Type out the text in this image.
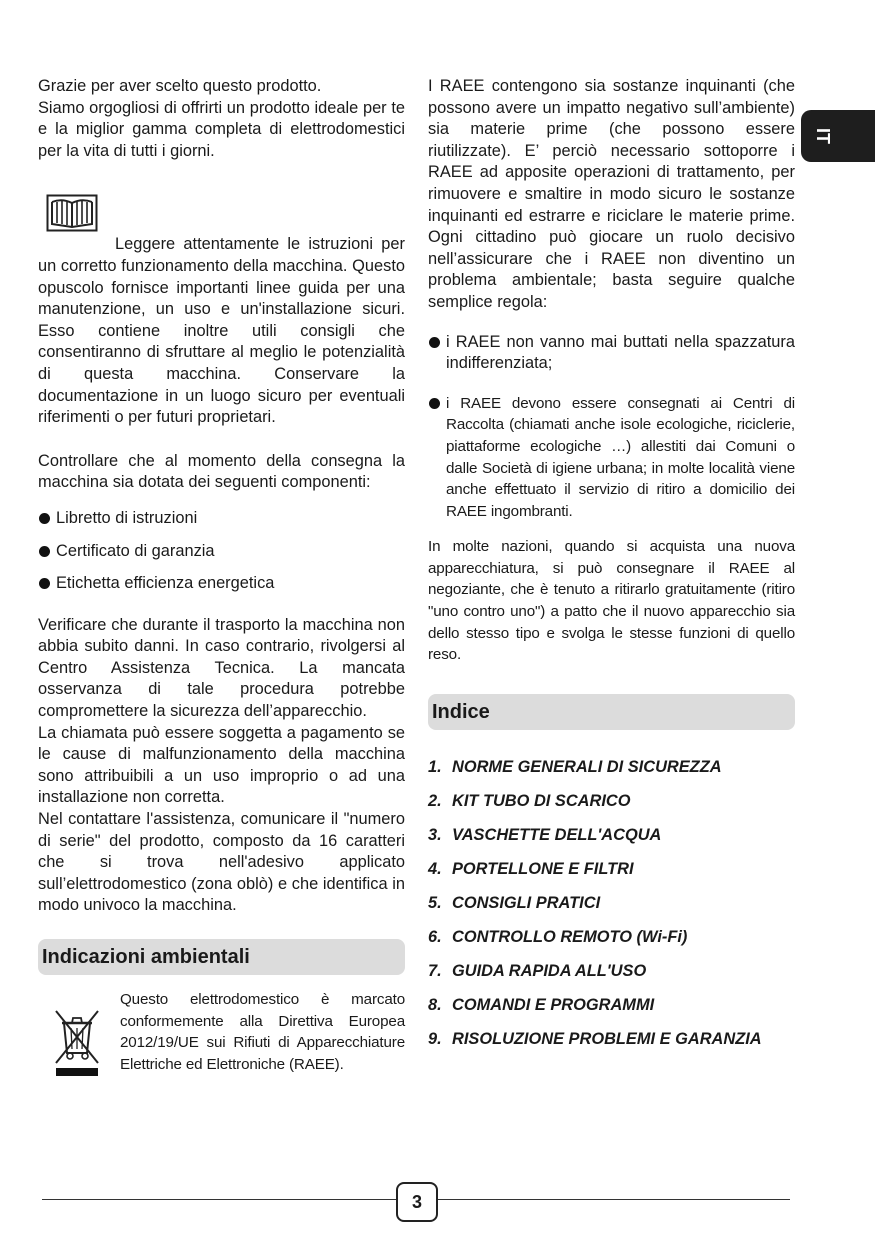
IT

Grazie per aver scelto questo prodotto.
Siamo orgogliosi di offrirti un prodotto ideale per te e la miglior gamma completa di elettrodomestici per la vita di tutti i giorni.

Leggere attentamente le istruzioni per un corretto funzionamento della macchina. Questo opuscolo fornisce importanti linee guida per una manutenzione, un uso e un'installazione sicuri. Esso contiene inoltre utili consigli che consentiranno di sfruttare al meglio le potenzialità di questa macchina. Conservare la documentazione in un luogo sicuro per eventuali riferimenti o per futuri proprietari.

Controllare che al momento della consegna la macchina sia dotata dei seguenti componenti:

Libretto di istruzioni

Certificato di garanzia

Etichetta efficienza energetica

Verificare che durante il trasporto la macchina non abbia subito danni. In caso contrario, rivolgersi al Centro Assistenza Tecnica. La mancata osservanza di tale procedura potrebbe compromettere la sicurezza dell’apparecchio.

La chiamata può essere soggetta a pagamento se le cause di malfunzionamento della macchina sono attribuibili a un uso improprio o ad una installazione non corretta.

Nel contattare l'assistenza, comunicare il "numero di serie" del prodotto, composto da 16 caratteri che si trova nell'adesivo applicato sull’elettrodomestico (zona oblò) e che identifica in modo univoco la macchina.

Indicazioni ambientali

Questo elettrodomestico è marcato conformemente alla Direttiva Europea 2012/19/UE sui Rifiuti di Apparecchiature Elettriche ed Elettroniche (RAEE).

I RAEE contengono sia sostanze inquinanti (che possono avere un impatto negativo sull’ambiente) sia materie prime (che possono essere riutilizzate). E’ perciò necessario sottoporre i RAEE ad apposite operazioni di trattamento, per rimuovere e smaltire in modo sicuro le sostanze inquinanti ed estrarre e riciclare le materie prime. Ogni cittadino può giocare un ruolo decisivo nell’assicurare che i RAEE non diventino un problema ambientale; basta seguire qualche semplice regola:

i RAEE non vanno mai buttati nella spazzatura indifferenziata;

i RAEE devono essere consegnati ai Centri di Raccolta (chiamati anche isole ecologiche, riciclerie, piattaforme ecologiche …) allestiti dai Comuni o dalle Società di igiene urbana; in molte località viene anche effettuato il servizio di ritiro a domicilio dei RAEE ingombranti.

In molte nazioni, quando si acquista una nuova apparecchiatura, si può consegnare il RAEE al negoziante, che è tenuto a ritirarlo gratuitamente (ritiro "uno contro uno") a patto che il nuovo apparecchio sia dello stesso tipo e svolga le stesse funzioni di quello reso.

Indice
1. NORME GENERALI DI SICUREZZA
2. KIT TUBO DI SCARICO
3. VASCHETTE DELL'ACQUA
4. PORTELLONE E FILTRI
5. CONSIGLI PRATICI
6. CONTROLLO REMOTO (Wi-Fi)
7. GUIDA RAPIDA ALL'USO
8. COMANDI E PROGRAMMI
9. RISOLUZIONE PROBLEMI E GARANZIA
3
